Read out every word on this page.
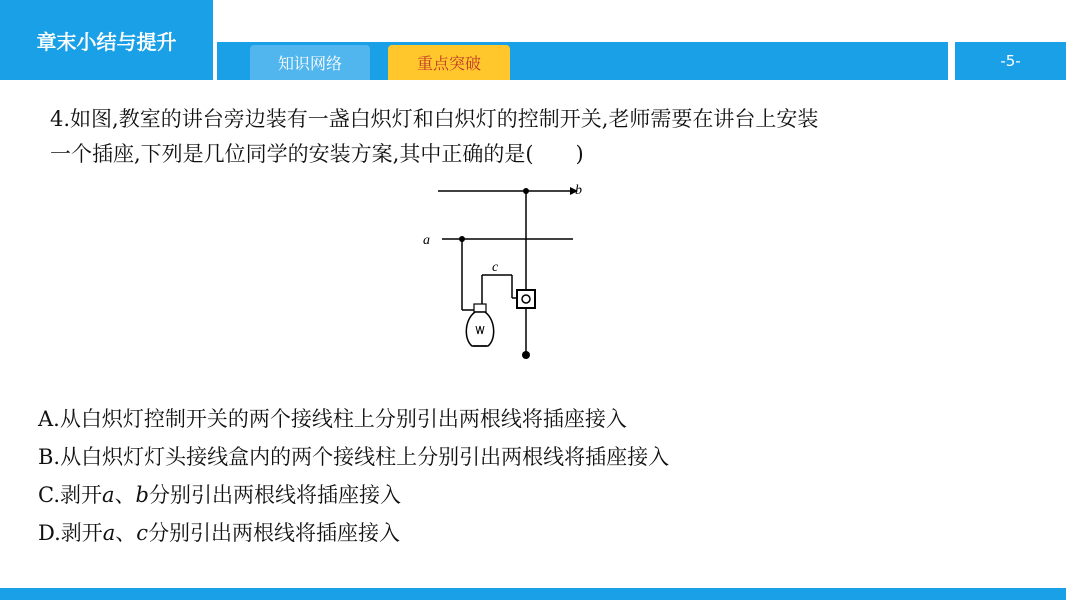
章末小结与提升
知识网络	重点突破	-5-
4.如图,教室的讲台旁边装有一盏白炽灯和白炽灯的控制开关,老师需要在讲台上安装
一个插座,下列是几位同学的安装方案,其中正确的是(　　)
b
a
c
A.从白炽灯控制开关的两个接线柱上分别引出两根线将插座接入
B.从白炽灯灯头接线盒内的两个接线柱上分别引出两根线将插座接入
C.剥开a、b分别引出两根线将插座接入
D.剥开a、c分别引出两根线将插座接入
